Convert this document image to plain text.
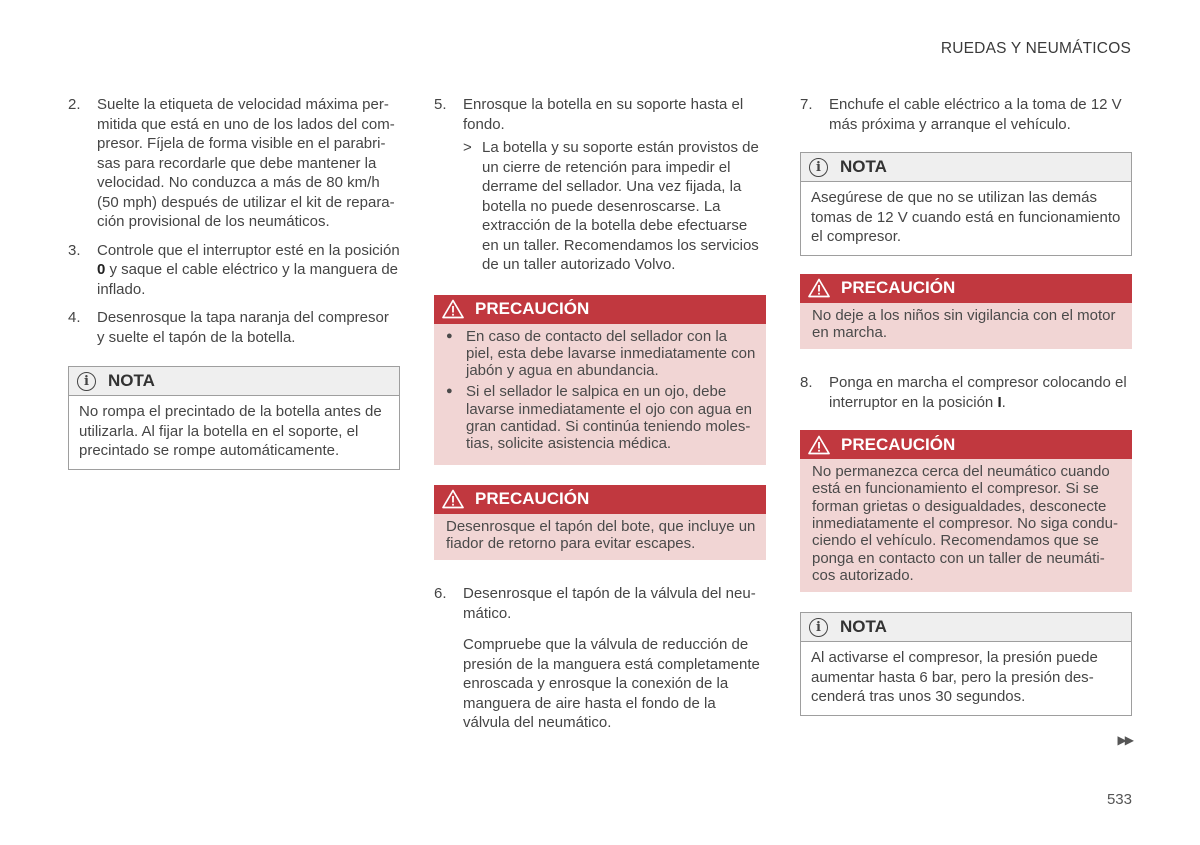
RUEDAS Y NEUMÁTICOS
2.	Suelte la etiqueta de velocidad máxima permitida que está en uno de los lados del compresor. Fíjela de forma visible en el parabrisas para recordarle que debe mantener la velocidad. No conduzca a más de 80 km/h (50 mph) después de utilizar el kit de reparación provisional de los neumáticos.
3.	Controle que el interruptor esté en la posición 0 y saque el cable eléctrico y la manguera de inflado.
4.	Desenrosque la tapa naranja del compresor y suelte el tapón de la botella.
i	NOTA
No rompa el precintado de la botella antes de utilizarla. Al fijar la botella en el soporte, el precintado se rompe automáticamente.
5.	Enrosque la botella en su soporte hasta el fondo.
> La botella y su soporte están provistos de un cierre de retención para impedir el derrame del sellador. Una vez fijada, la botella no puede desenroscarse. La extracción de la botella debe efectuarse en un taller. Recomendamos los servicios de un taller autorizado Volvo.
PRECAUCIÓN
● En caso de contacto del sellador con la piel, esta debe lavarse inmediatamente con jabón y agua en abundancia.
● Si el sellador le salpica en un ojo, debe lavarse inmediatamente el ojo con agua en gran cantidad. Si continúa teniendo molestias, solicite asistencia médica.
PRECAUCIÓN
Desenrosque el tapón del bote, que incluye un fiador de retorno para evitar escapes.
6.	Desenrosque el tapón de la válvula del neumático.
Compruebe que la válvula de reducción de presión de la manguera está completamente enroscada y enrosque la conexión de la manguera de aire hasta el fondo de la válvula del neumático.
7.	Enchufe el cable eléctrico a la toma de 12 V más próxima y arranque el vehículo.
i	NOTA
Asegúrese de que no se utilizan las demás tomas de 12 V cuando está en funcionamiento el compresor.
PRECAUCIÓN
No deje a los niños sin vigilancia con el motor en marcha.
8.	Ponga en marcha el compresor colocando el interruptor en la posición I.
PRECAUCIÓN
No permanezca cerca del neumático cuando está en funcionamiento el compresor. Si se forman grietas o desigualdades, desconecte inmediatamente el compresor. No siga conduciendo el vehículo. Recomendamos que se ponga en contacto con un taller de neumáticos autorizado.
i	NOTA
Al activarse el compresor, la presión puede aumentar hasta 6 bar, pero la presión descenderá tras unos 30 segundos.
▶▶
533
